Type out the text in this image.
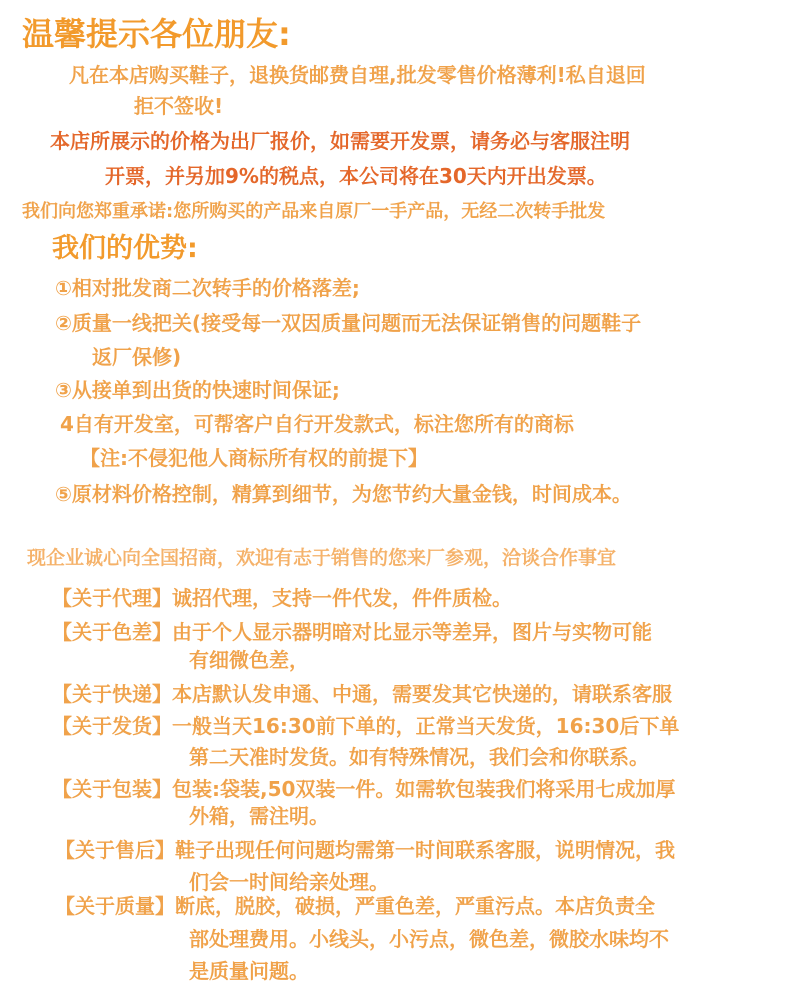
温馨提示各位朋友:
凡在本店购买鞋子，退换货邮费自理,批发零售价格薄利!私自退回
拒不签收!
本店所展示的价格为出厂报价，如需要开发票，请务必与客服注明
开票，并另加9%的税点，本公司将在30天内开出发票。
我们向您郑重承诺:您所购买的产品来自原厂一手产品，无经二次转手批发
我们的优势:
①相对批发商二次转手的价格落差;
②质量一线把关(接受每一双因质量问题而无法保证销售的问题鞋子
返厂保修)
③从接单到出货的快速时间保证;
4自有开发室，可帮客户自行开发款式，标注您所有的商标
【注:不侵犯他人商标所有权的前提下】
⑤原材料价格控制，精算到细节，为您节约大量金钱，时间成本。
现企业诚心向全国招商，欢迎有志于销售的您来厂参观，洽谈合作事宜
【关于代理】诚招代理，支持一件代发，件件质检。
【关于色差】由于个人显示器明暗对比显示等差异，图片与实物可能
有细微色差，
【关于快递】本店默认发申通、中通，需要发其它快递的，请联系客服
【关于发货】一般当天16:30前下单的，正常当天发货，16:30后下单
第二天准时发货。如有特殊情况，我们会和你联系。
【关于包装】包装:袋装,50双装一件。如需软包装我们将采用七成加厚
外箱，需注明。
【关于售后】鞋子出现任何问题均需第一时间联系客服，说明情况，我
们会一时间给亲处理。
【关于质量】断底，脱胶，破损，严重色差，严重污点。本店负责全
部处理费用。小线头，小污点，微色差，微胶水味均不
是质量问题。
